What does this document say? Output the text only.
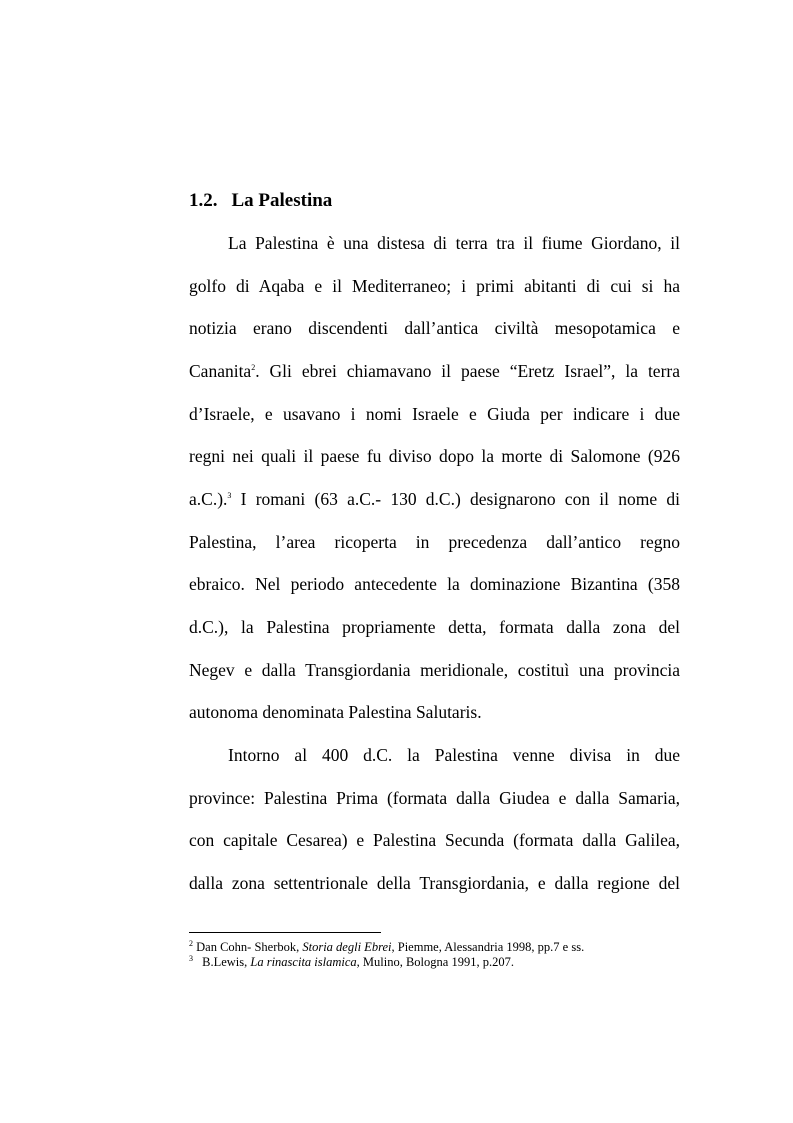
1.2. La Palestina
La Palestina è una distesa di terra tra il fiume Giordano, il
golfo di Aqaba e il Mediterraneo; i primi abitanti di cui si ha
notizia erano discendenti dall’antica civiltà mesopotamica e
Cananita$^2$. Gli ebrei chiamavano il paese “Eretz Israel”, la terra
d’Israele, e usavano i nomi Israele e Giuda per indicare i due
regni nei quali il paese fu diviso dopo la morte di Salomone (926
a.C.).$^3$ I romani (63 a.C.- 130 d.C.) designarono con il nome di
Palestina, l’area ricoperta in precedenza dall’antico regno
ebraico. Nel periodo antecedente la dominazione Bizantina (358
d.C.), la Palestina propriamente detta, formata dalla zona del
Negev e dalla Transgiordania meridionale, costituì una provincia
autonoma denominata Palestina Salutaris.
Intorno al 400 d.C. la Palestina venne divisa in due
province: Palestina Prima (formata dalla Giudea e dalla Samaria,
con capitale Cesarea) e Palestina Secunda (formata dalla Galilea,
dalla zona settentrionale della Transgiordania, e dalla regione del
$^2$ Dan Cohn- Sherbok, Storia degli Ebrei, Piemme, Alessandria 1998, pp.7 e ss.
$^3$ B.Lewis, La rinascita islamica, Mulino, Bologna 1991, p.207.
